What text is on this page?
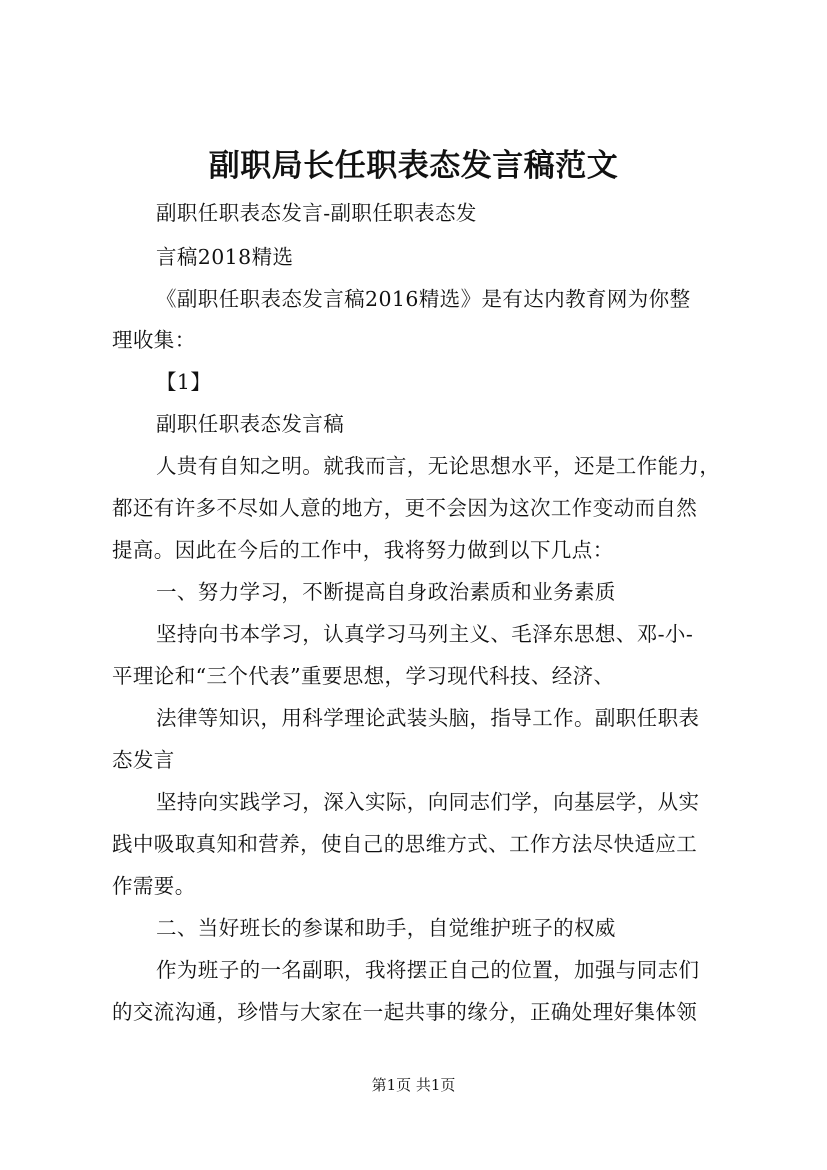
副职局长任职表态发言稿范文
副职任职表态发言-副职任职表态发
言稿2018精选
《副职任职表态发言稿2016精选》是有达内教育网为你整
理收集：
【1】
副职任职表态发言稿
人贵有自知之明。就我而言，无论思想水平，还是工作能力，
都还有许多不尽如人意的地方，更不会因为这次工作变动而自然
提高。因此在今后的工作中，我将努力做到以下几点：
一、努力学习，不断提高自身政治素质和业务素质
坚持向书本学习，认真学习马列主义、毛泽东思想、邓-小-
平理论和“三个代表”重要思想，学习现代科技、经济、
法律等知识，用科学理论武装头脑，指导工作。副职任职表
态发言
坚持向实践学习，深入实际，向同志们学，向基层学，从实
践中吸取真知和营养，使自己的思维方式、工作方法尽快适应工
作需要。
二、当好班长的参谋和助手，自觉维护班子的权威
作为班子的一名副职，我将摆正自己的位置，加强与同志们
的交流沟通，珍惜与大家在一起共事的缘分，正确处理好集体领
第1页 共1页
